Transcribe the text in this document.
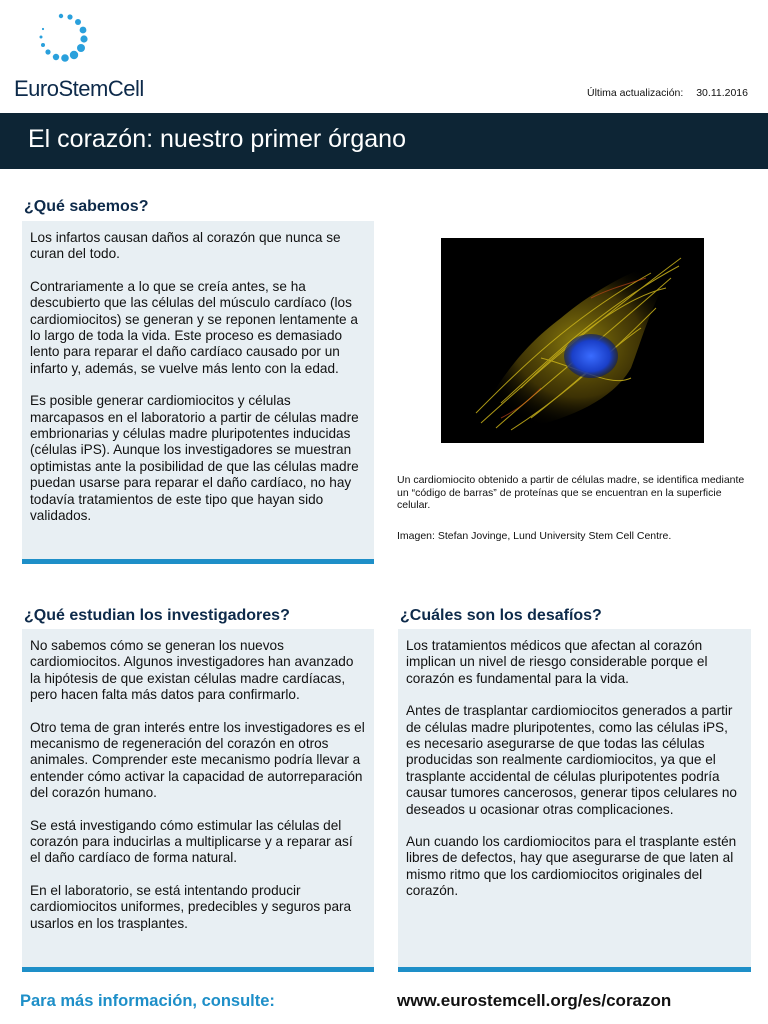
EuroStemCell	Última actualización: 30.11.2016
El corazón: nuestro primer órgano
¿Qué sabemos?

Los infartos causan daños al corazón que nunca se curan del todo.

Contrariamente a lo que se creía antes, se ha descubierto que las células del músculo cardíaco (los cardiomiocitos) se generan y se reponen lentamente a lo largo de toda la vida. Este proceso es demasiado lento para reparar el daño cardíaco causado por un infarto y, además, se vuelve más lento con la edad.

Es posible generar cardiomiocitos y células marcapasos en el laboratorio a partir de células madre embrionarias y células madre pluripotentes inducidas (células iPS). Aunque los investigadores se muestran optimistas ante la posibilidad de que las células madre puedan usarse para reparar el daño cardíaco, no hay todavía tratamientos de este tipo que hayan sido validados.

Un cardiomiocito obtenido a partir de células madre, se identifica mediante un “código de barras” de proteínas que se encuentran en la superficie celular.
Imagen: Stefan Jovinge, Lund University Stem Cell Centre.
¿Qué estudian los investigadores?

No sabemos cómo se generan los nuevos cardiomiocitos. Algunos investigadores han avanzado la hipótesis de que existan células madre cardíacas, pero hacen falta más datos para confirmarlo.

Otro tema de gran interés entre los investigadores es el mecanismo de regeneración del corazón en otros animales. Comprender este mecanismo podría llevar a entender cómo activar la capacidad de autorreparación del corazón humano.

Se está investigando cómo estimular las células del corazón para inducirlas a multiplicarse y a reparar así el daño cardíaco de forma natural.

En el laboratorio, se está intentando producir cardiomiocitos uniformes, predecibles y seguros para usarlos en los trasplantes.

¿Cuáles son los desafíos?

Los tratamientos médicos que afectan al corazón implican un nivel de riesgo considerable porque el corazón es fundamental para la vida.

Antes de trasplantar cardiomiocitos generados a partir de células madre pluripotentes, como las células iPS, es necesario asegurarse de que todas las células producidas son realmente cardiomiocitos, ya que el trasplante accidental de células pluripotentes podría causar tumores cancerosos, generar tipos celulares no deseados u ocasionar otras complicaciones.

Aun cuando los cardiomiocitos para el trasplante estén libres de defectos, hay que asegurarse de que laten al mismo ritmo que los cardiomiocitos originales del corazón.

Para más información, consulte:	www.eurostemcell.org/es/corazon
